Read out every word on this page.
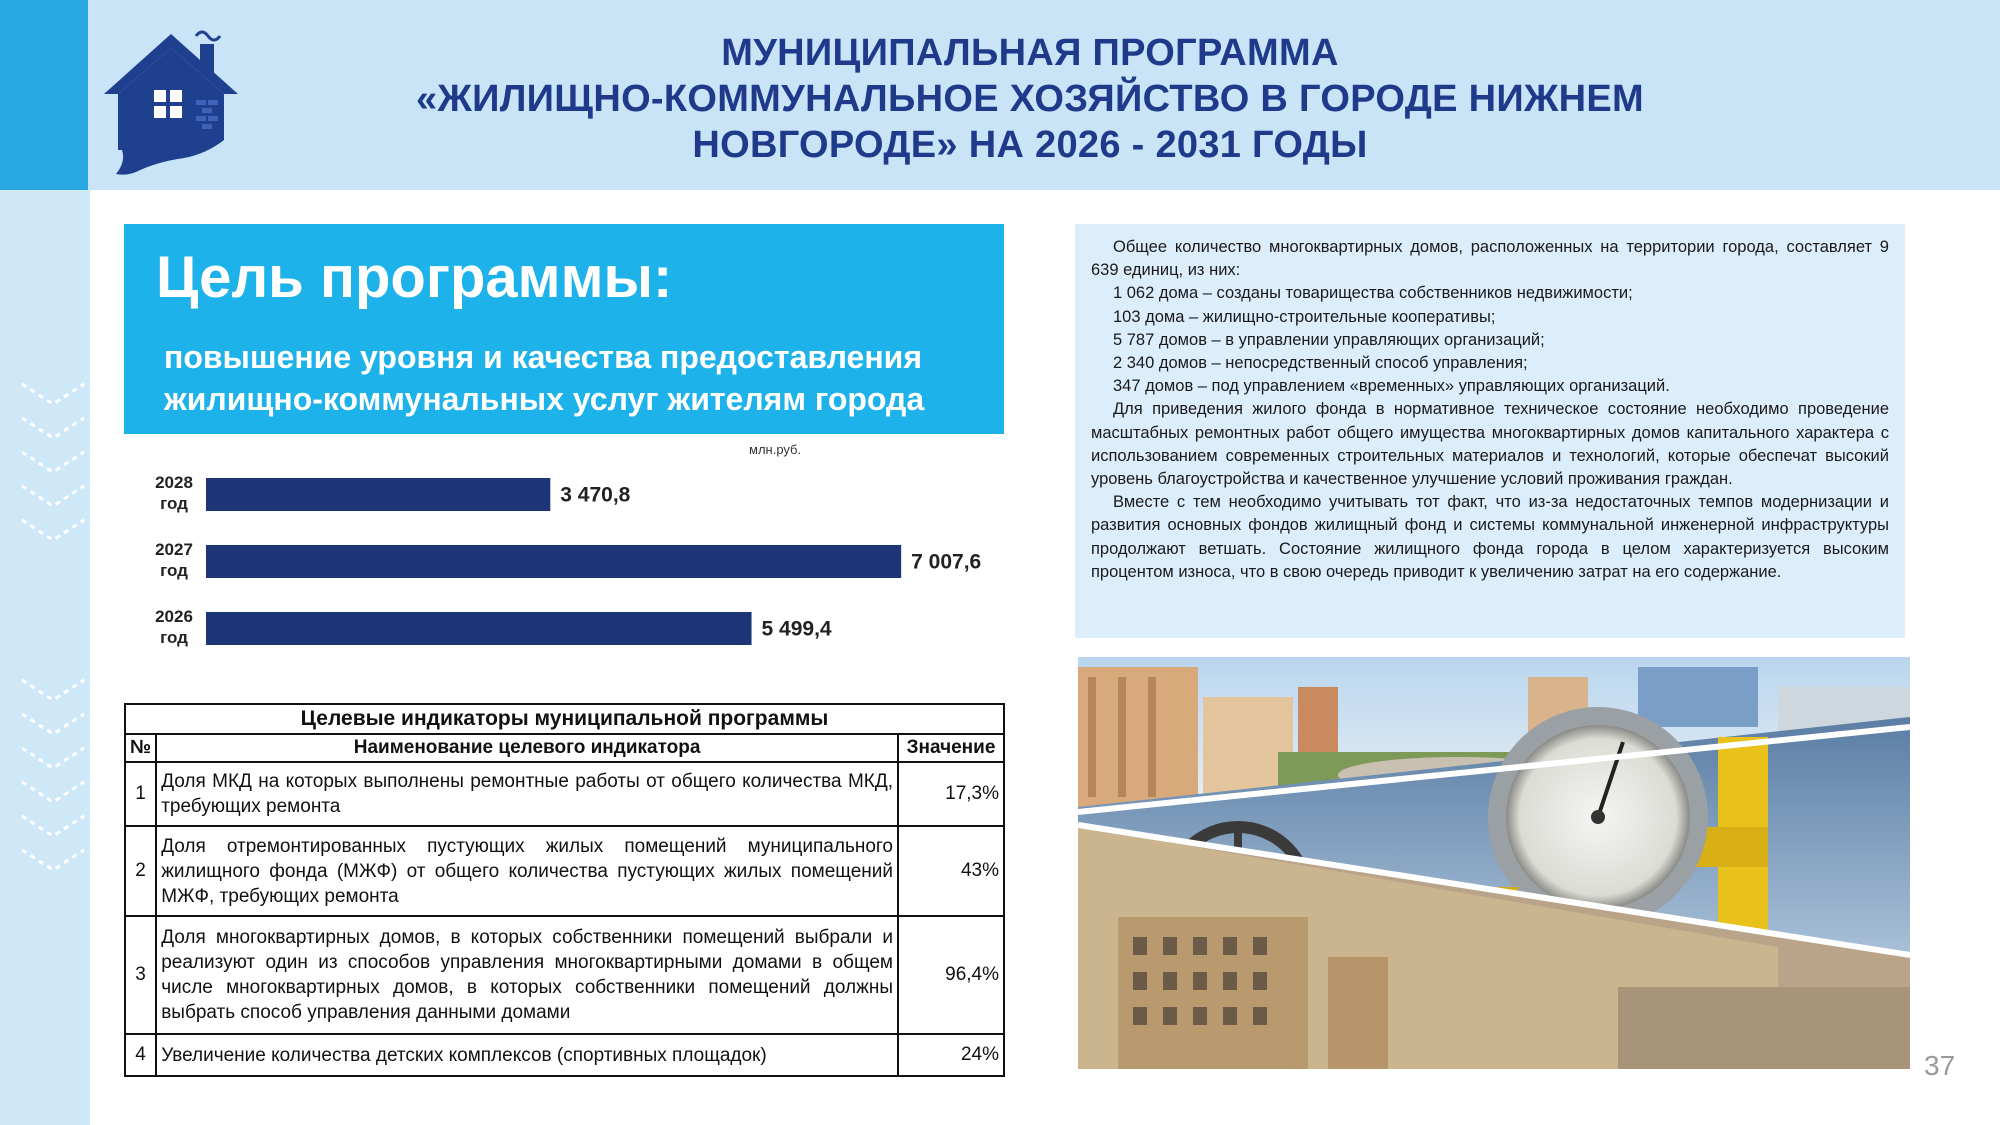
МУНИЦИПАЛЬНАЯ ПРОГРАММА
«ЖИЛИЩНО-КОММУНАЛЬНОЕ ХОЗЯЙСТВО В ГОРОДЕ НИЖНЕМ
НОВГОРОДЕ» НА 2026 - 2031 ГОДЫ
Цель программы:
повышение уровня и качества предоставления жилищно-коммунальных услуг жителям города
млн.руб.
3 470,8
2028
год
7 007,6
2027
год
5 499,4
2026
год
Целевые индикаторы муниципальной программы		
№	Наименование целевого индикатора	Значение
1	Доля МКД на которых выполнены ремонтные работы от общего количества МКД, требующих ремонта	17,3%
2	Доля отремонтированных пустующих жилых помещений муниципального жилищного фонда (МЖФ) от общего количества пустующих жилых помещений МЖФ, требующих ремонта	43%
3	Доля многоквартирных домов, в которых собственники помещений выбрали и реализуют один из способов управления многоквартирными домами в общем числе многоквартирных домов, в которых собственники помещений должны выбрать способ управления данными домами	96,4%
4	Увеличение количества детских комплексов (спортивных площадок)	24%

Общее количество многоквартирных домов, расположенных на территории города, составляет 9 639 единиц, из них:

1 062 дома – созданы товарищества собственников недвижимости;

103 дома – жилищно-строительные кооперативы;

5 787 домов – в управлении управляющих организаций;

2 340 домов – непосредственный способ управления;

347 домов – под управлением «временных» управляющих организаций.

Для приведения жилого фонда в нормативное техническое состояние необходимо проведение масштабных ремонтных работ общего имущества многоквартирных домов капитального характера с использованием современных строительных материалов и технологий, которые обеспечат высокий уровень благоустройства и качественное улучшение условий проживания граждан.

Вместе с тем необходимо учитывать тот факт, что из-за недостаточных темпов модернизации и развития основных фондов жилищный фонд и системы коммунальной инженерной инфраструктуры продолжают ветшать. Состояние жилищного фонда города в целом характеризуется высоким процентом износа, что в свою очередь приводит к увеличению затрат на его содержание.

37
